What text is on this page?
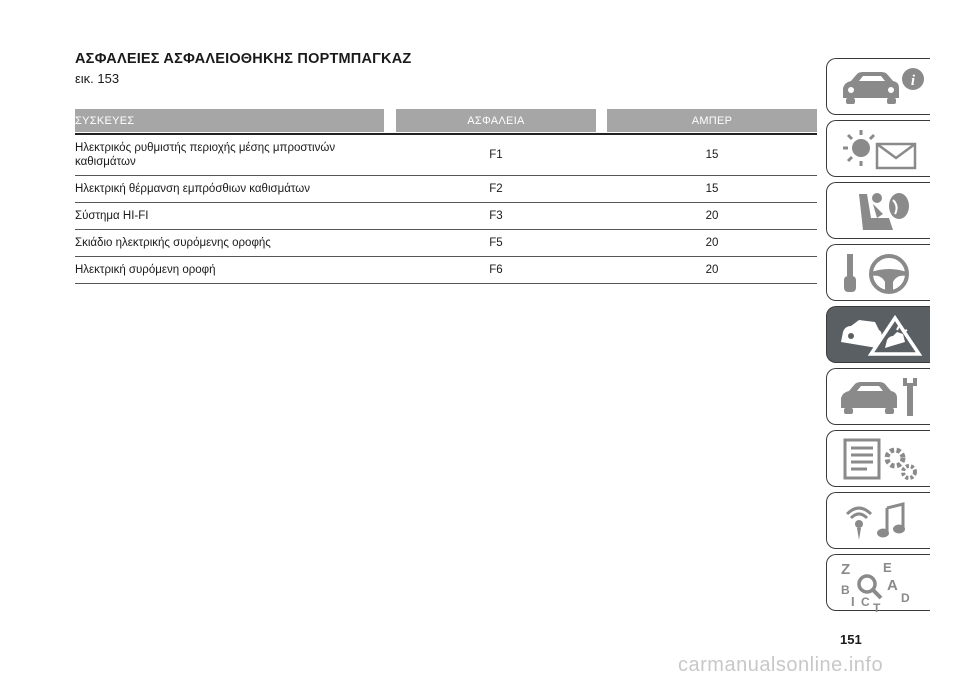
ΑΣΦΑΛΕΙΕΣ ΑΣΦΑΛΕΙΟΘΗΚΗΣ ΠΟΡΤΜΠΑΓΚΑΖ
εικ. 153
ΣΥΣΚΕΥΕΣ	ΑΣΦΑΛΕΙΑ	ΑΜΠΕΡ
Ηλεκτρικός ρυθμιστής περιοχής μέσης μπροστινών
καθισμάτων
F1	15
Ηλεκτρική θέρμανση εμπρόσθιων καθισμάτων	F2	15
Σύστημα HI-FI	F3	20
Σκιάδιο ηλεκτρικής συρόμενης οροφής	F5	20
Ηλεκτρική συρόμενη οροφή	F6	20
i
Z	E
A
B
C	D
I T
151
carmanualsonline.info
